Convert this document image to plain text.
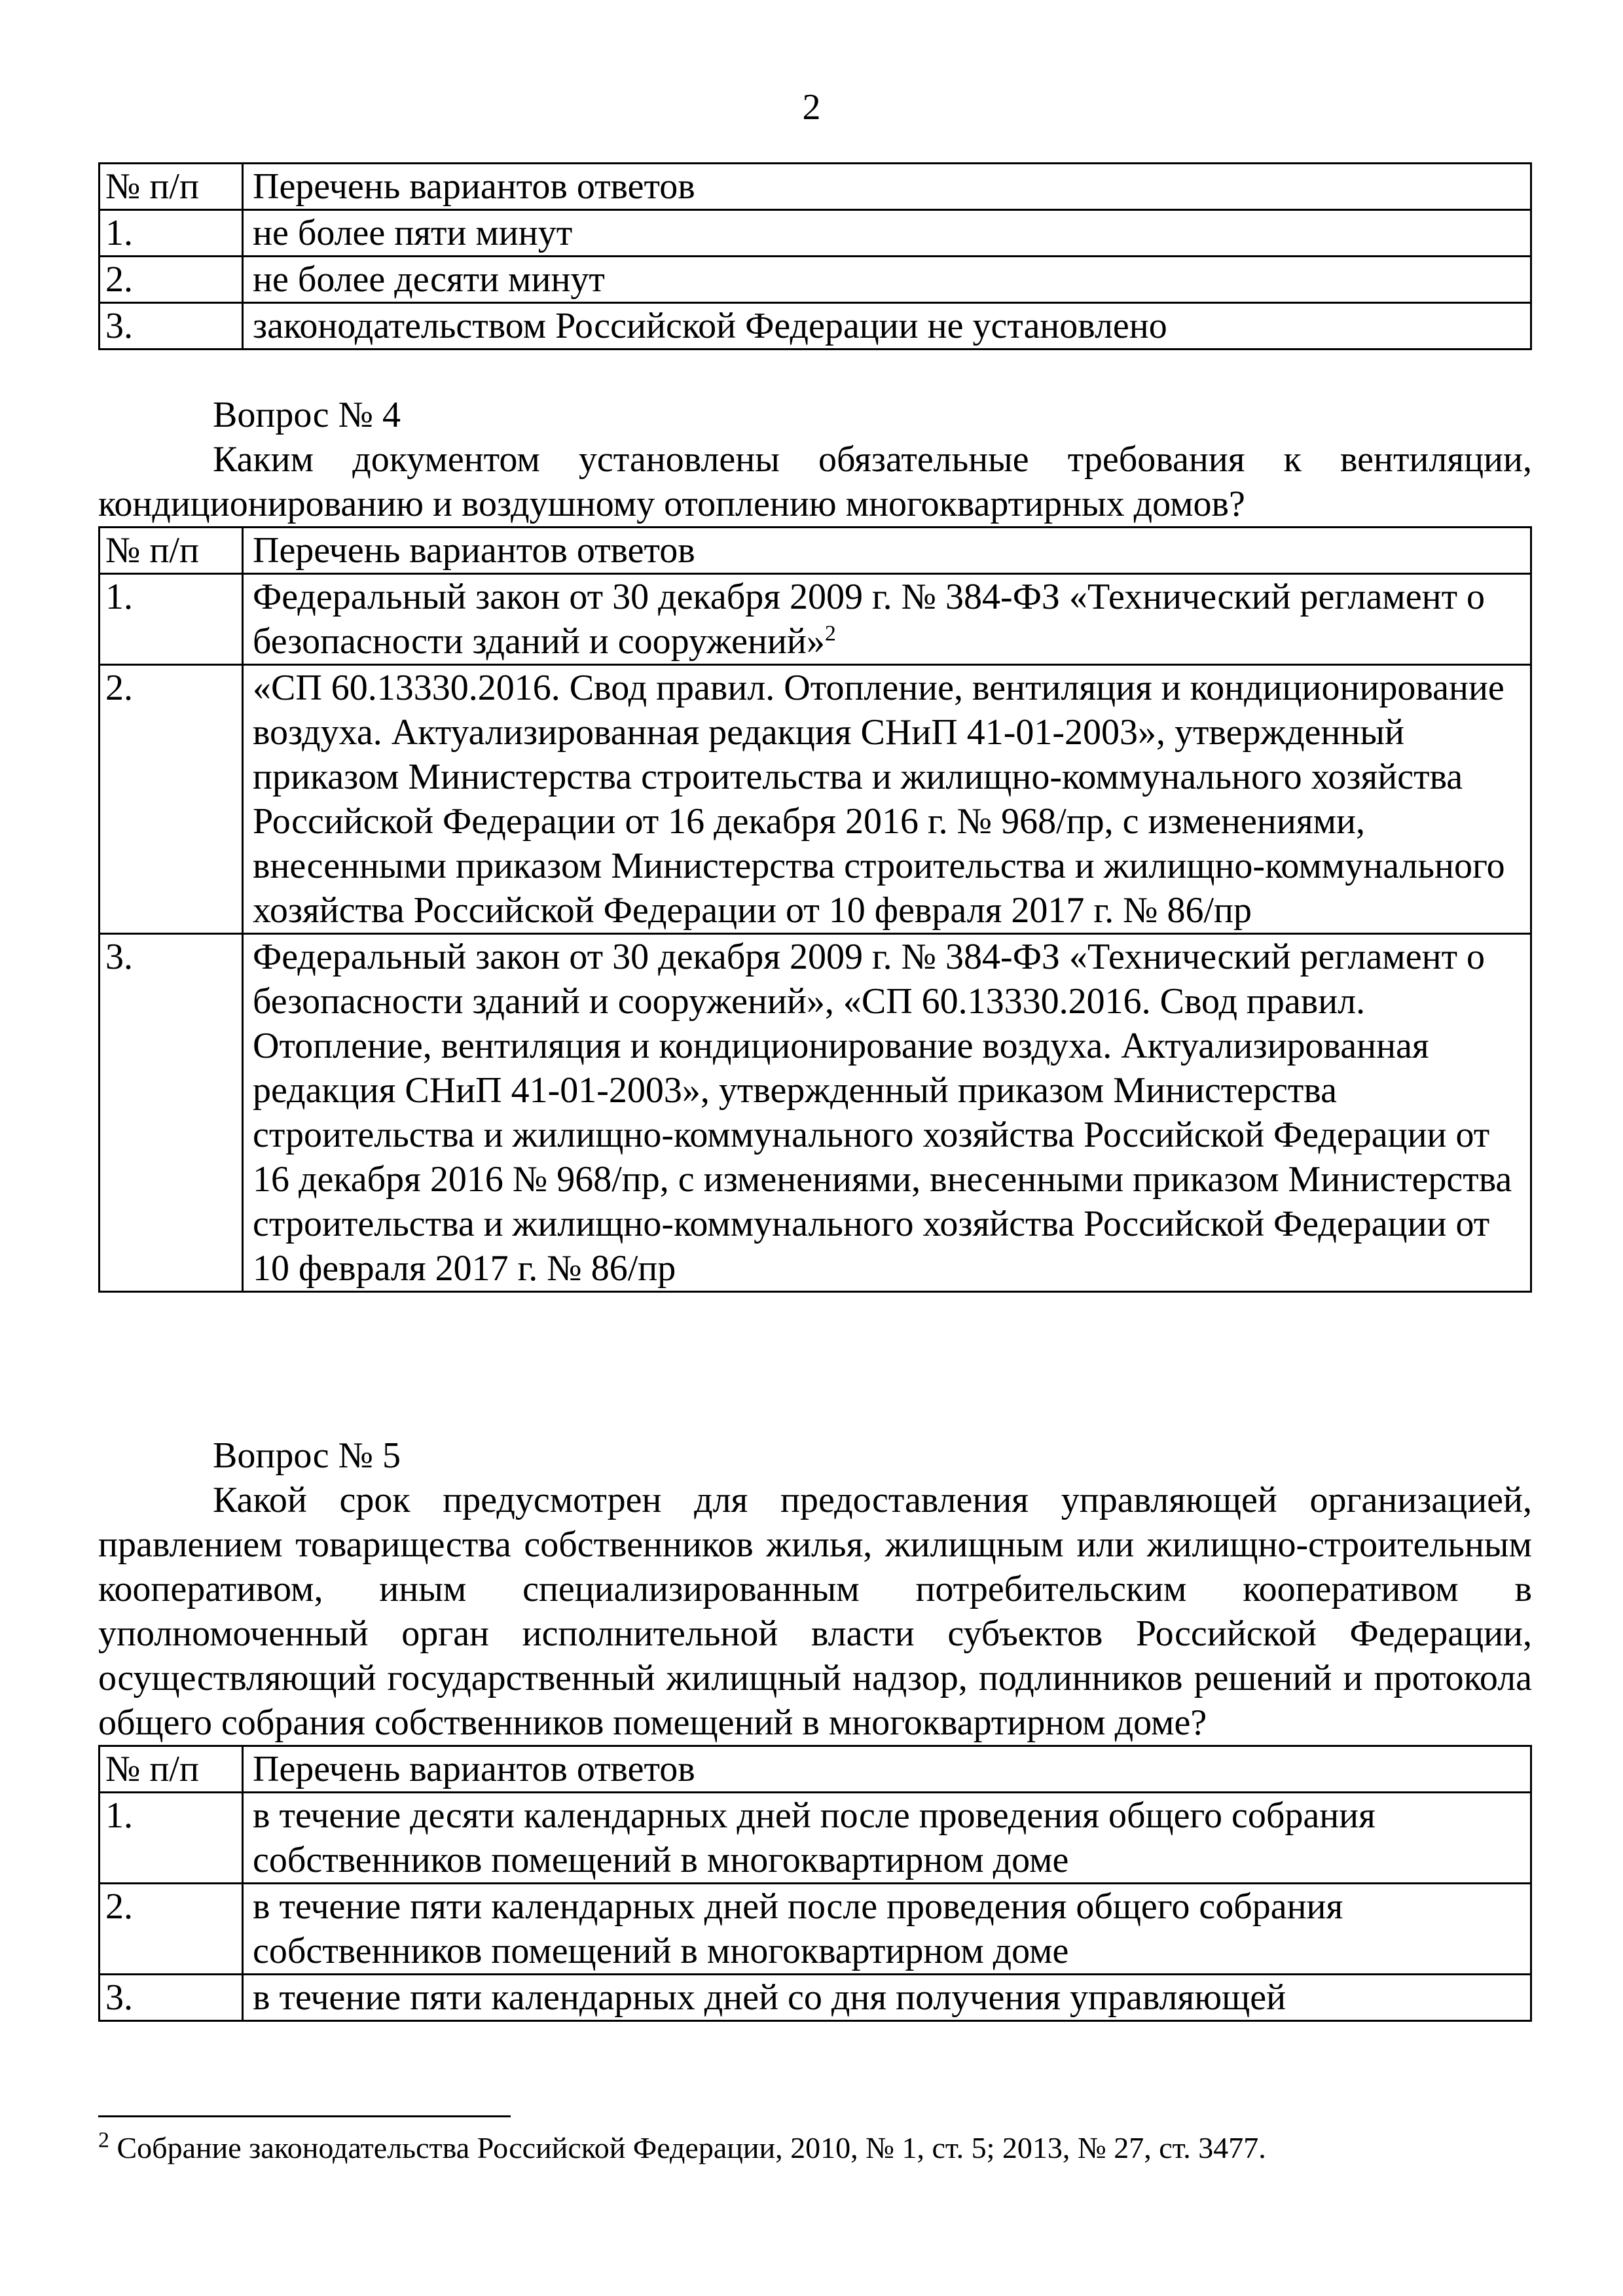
2
№ п/п	Перечень вариантов ответов
1.	не более пяти минут
2.	не более десяти минут
3.	законодательством Российской Федерации не установлено
Вопрос № 4
Каким документом установлены обязательные требования к вентиляции, кондиционированию и воздушному отоплению многоквартирных домов?
№ п/п	Перечень вариантов ответов
1.	Федеральный закон от 30 декабря 2009 г. № 384-ФЗ «Технический регламент о безопасности зданий и сооружений»$^2$
2.	«СП 60.13330.2016. Свод правил. Отопление, вентиляция и кондиционирование воздуха. Актуализированная редакция СНиП 41-01-2003», утвержденный приказом Министерства строительства и жилищно-коммунального хозяйства Российской Федерации от 16 декабря 2016 г. № 968/пр, с изменениями, внесенными приказом Министерства строительства и жилищно-коммунального хозяйства Российской Федерации от 10 февраля 2017 г. № 86/пр
3.	Федеральный закон от 30 декабря 2009 г. № 384-ФЗ «Технический регламент о безопасности зданий и сооружений», «СП 60.13330.2016. Свод правил. Отопление, вентиляция и кондиционирование воздуха. Актуализированная редакция СНиП 41-01-2003», утвержденный приказом Министерства строительства и жилищно-коммунального хозяйства Российской Федерации от 16 декабря 2016 № 968/пр, с изменениями, внесенными приказом Министерства строительства и жилищно-коммунального хозяйства Российской Федерации от 10 февраля 2017 г. № 86/пр
Вопрос № 5
Какой срок предусмотрен для предоставления управляющей организацией, правлением товарищества собственников жилья, жилищным или жилищно-строительным кооперативом, иным специализированным потребительским кооперативом в уполномоченный орган исполнительной власти субъектов Российской Федерации, осуществляющий государственный жилищный надзор, подлинников решений и протокола общего собрания собственников помещений в многоквартирном доме?
№ п/п	Перечень вариантов ответов
1.	в течение десяти календарных дней после проведения общего собрания собственников помещений в многоквартирном доме
2.	в течение пяти календарных дней после проведения общего собрания собственников помещений в многоквартирном доме
3.	в течение пяти календарных дней со дня получения управляющей
$^2$ Собрание законодательства Российской Федерации, 2010, № 1, ст. 5; 2013, № 27, ст. 3477.
